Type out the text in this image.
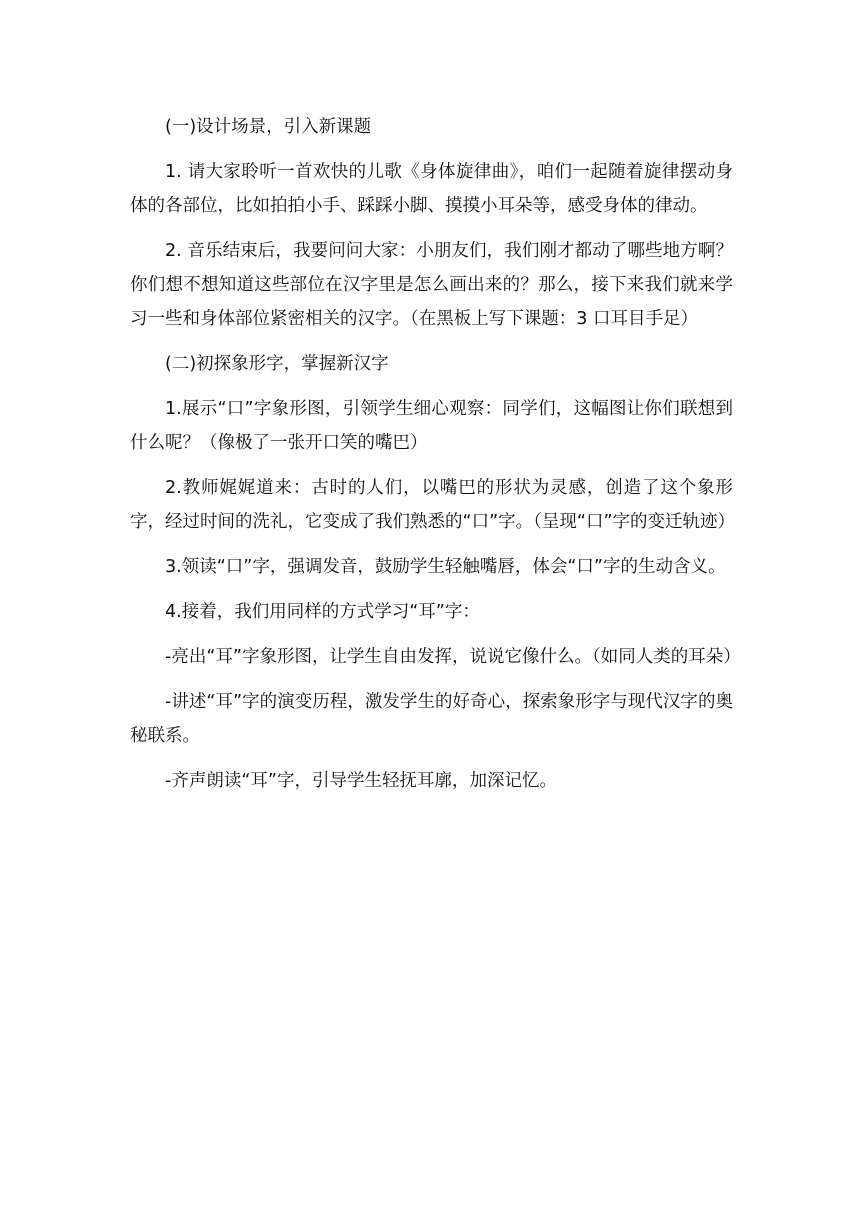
(一)设计场景，引入新课题

1. 请大家聆听一首欢快的儿歌《身体旋律曲》，咱们一起随着旋律摆动身体的各部位，比如拍拍小手、踩踩小脚、摸摸小耳朵等，感受身体的律动。

2. 音乐结束后，我要问问大家：小朋友们，我们刚才都动了哪些地方啊？你们想不想知道这些部位在汉字里是怎么画出来的？那么，接下来我们就来学习一些和身体部位紧密相关的汉字。（在黑板上写下课题：3 口耳目手足）

(二)初探象形字，掌握新汉字

1.展示“口”字象形图，引领学生细心观察：同学们，这幅图让你们联想到什么呢？（像极了一张开口笑的嘴巴）

2.教师娓娓道来：古时的人们，以嘴巴的形状为灵感，创造了这个象形字，经过时间的洗礼，它变成了我们熟悉的“口”字。（呈现“口”字的变迁轨迹）

3.领读“口”字，强调发音，鼓励学生轻触嘴唇，体会“口”字的生动含义。

4.接着，我们用同样的方式学习“耳”字：

-亮出“耳”字象形图，让学生自由发挥，说说它像什么。（如同人类的耳朵）

-讲述“耳”字的演变历程，激发学生的好奇心，探索象形字与现代汉字的奥秘联系。

-齐声朗读“耳”字，引导学生轻抚耳廓，加深记忆。
